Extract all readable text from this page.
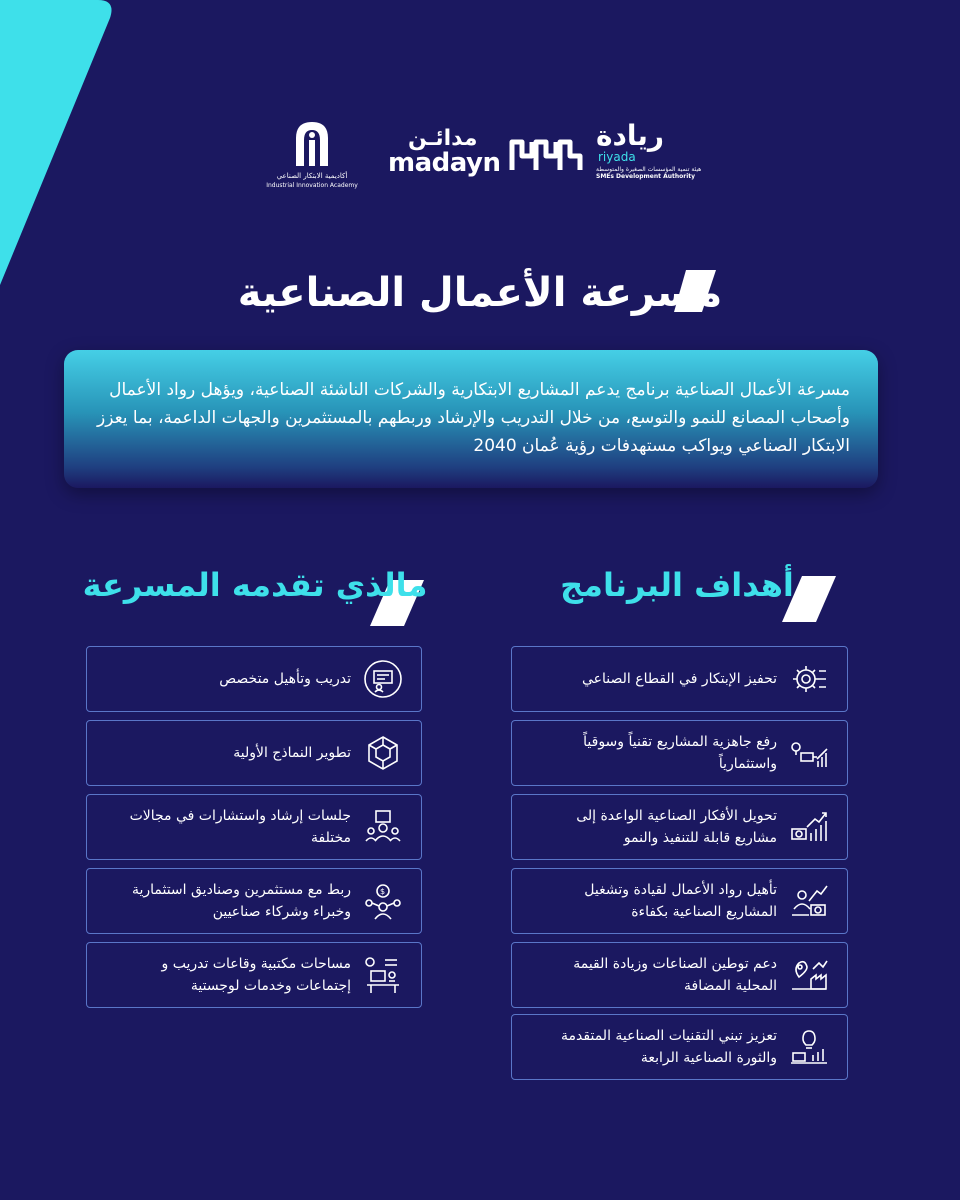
أكاديمية الابتكار الصناعي
Industrial Innovation Academy
مدائـن
madayn
ريادة
riyada
هيئة تنمية المؤسسات الصغيرة والمتوسطة
SMEs Development Authority
مسرعة الأعمال الصناعية
مسرعة الأعمال الصناعية برنامج يدعم المشاريع الابتكارية والشركات الناشئة الصناعية، ويؤهل رواد الأعمال وأصحاب المصانع للنمو والتوسع، من خلال التدريب والإرشاد وربطهم بالمستثمرين والجهات الداعمة، بما يعزز الابتكار الصناعي ويواكب مستهدفات رؤية عُمان 2040
مالذي تقدمه المسرعة	أهداف البرنامج
تدريب وتأهيل متخصص
تطوير النماذج الأولية
جلسات إرشاد واستشارات في مجالات مختلفة
$
ربط مع مستثمرين وصناديق استثمارية وخبراء وشركاء صناعيين
مساحات مكتبية وقاعات تدريب و إجتماعات وخدمات لوجستية
تحفيز الإبتكار في القطاع الصناعي
رفع جاهزية المشاريع تقنياً وسوقياً واستثمارياً
تحويل الأفكار الصناعية الواعدة إلى مشاريع قابلة للتنفيذ والنمو
تأهيل رواد الأعمال لقيادة وتشغيل المشاريع الصناعية بكفاءة
دعم توطين الصناعات وزيادة القيمة المحلية المضافة
تعزيز تبني التقنيات الصناعية المتقدمة والثورة الصناعية الرابعة
